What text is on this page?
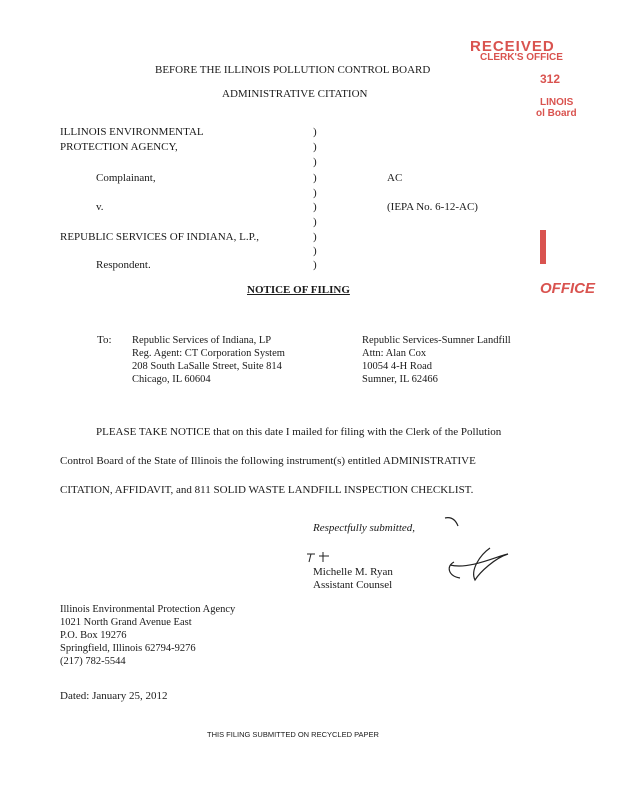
RECEIVED
CLERK'S OFFICE
312
LINOIS
ol Board
OFFICE
BEFORE THE ILLINOIS POLLUTION CONTROL BOARD
ADMINISTRATIVE CITATION
ILLINOIS ENVIRONMENTAL
PROTECTION AGENCY,
Complainant,
v.
REPUBLIC SERVICES OF INDIANA, L.P.,
Respondent.
)
)
)
)
)
)
)
)
)
)
AC
(IEPA No. 6-12-AC)
NOTICE OF FILING
To: Republic Services of Indiana, LP
Reg. Agent: CT Corporation System
208 South LaSalle Street, Suite 814
Chicago, IL 60604
Republic Services-Sumner Landfill
Attn: Alan Cox
10054 4-H Road
Sumner, IL 62466
PLEASE TAKE NOTICE that on this date I mailed for filing with the Clerk of the Pollution
Control Board of the State of Illinois the following instrument(s) entitled ADMINISTRATIVE
CITATION, AFFIDAVIT, and 811 SOLID WASTE LANDFILL INSPECTION CHECKLIST.
Respectfully submitted,
Michelle M. Ryan
Assistant Counsel
Illinois Environmental Protection Agency
1021 North Grand Avenue East
P.O. Box 19276
Springfield, Illinois 62794-9276
(217) 782-5544
Dated: January 25, 2012
THIS FILING SUBMITTED ON RECYCLED PAPER
